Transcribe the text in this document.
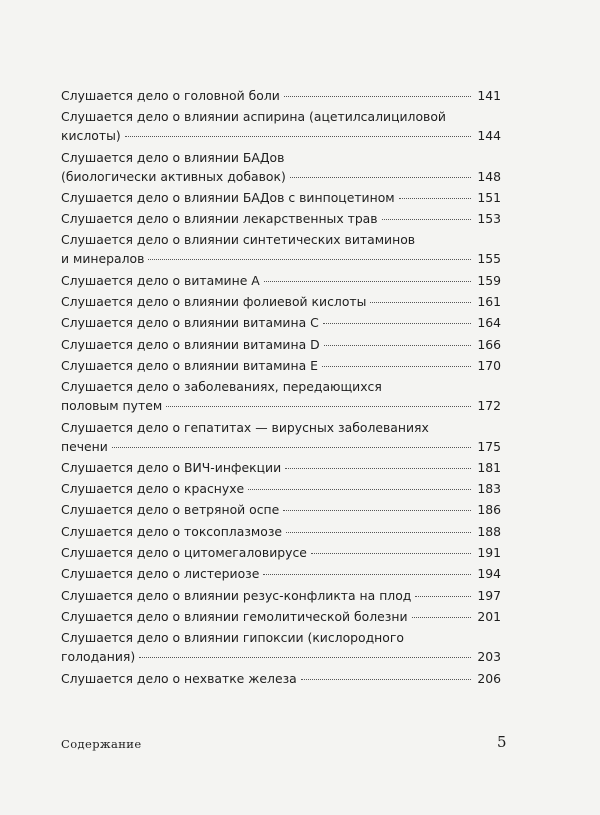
Слушается дело о головной боли	141
Слушается дело о влиянии аспирина (ацетилсалициловой
кислоты)	144
Слушается дело о влиянии БАДов
(биологически активных добавок)	148
Слушается дело о влиянии БАДов с винпоцетином	151
Слушается дело о влиянии лекарственных трав	153
Слушается дело о влиянии синтетических витаминов
и минералов	155
Слушается дело о витамине А	159
Слушается дело о влиянии фолиевой кислоты	161
Слушается дело о влиянии витамина С	164
Слушается дело о влиянии витамина D	166
Слушается дело о влиянии витамина Е	170
Слушается дело о заболеваниях, передающихся
половым путем	172
Слушается дело о гепатитах — вирусных заболеваниях
печени	175
Слушается дело о ВИЧ-инфекции	181
Слушается дело о краснухе	183
Слушается дело о ветряной оспе	186
Слушается дело о токсоплазмозе	188
Слушается дело о цитомегаловирусе	191
Слушается дело о листериозе	194
Слушается дело о влиянии резус-конфликта на плод	197
Слушается дело о влиянии гемолитической болезни	201
Слушается дело о влиянии гипоксии (кислородного
голодания)	203
Слушается дело о нехватке железа	206
Содержание	5
